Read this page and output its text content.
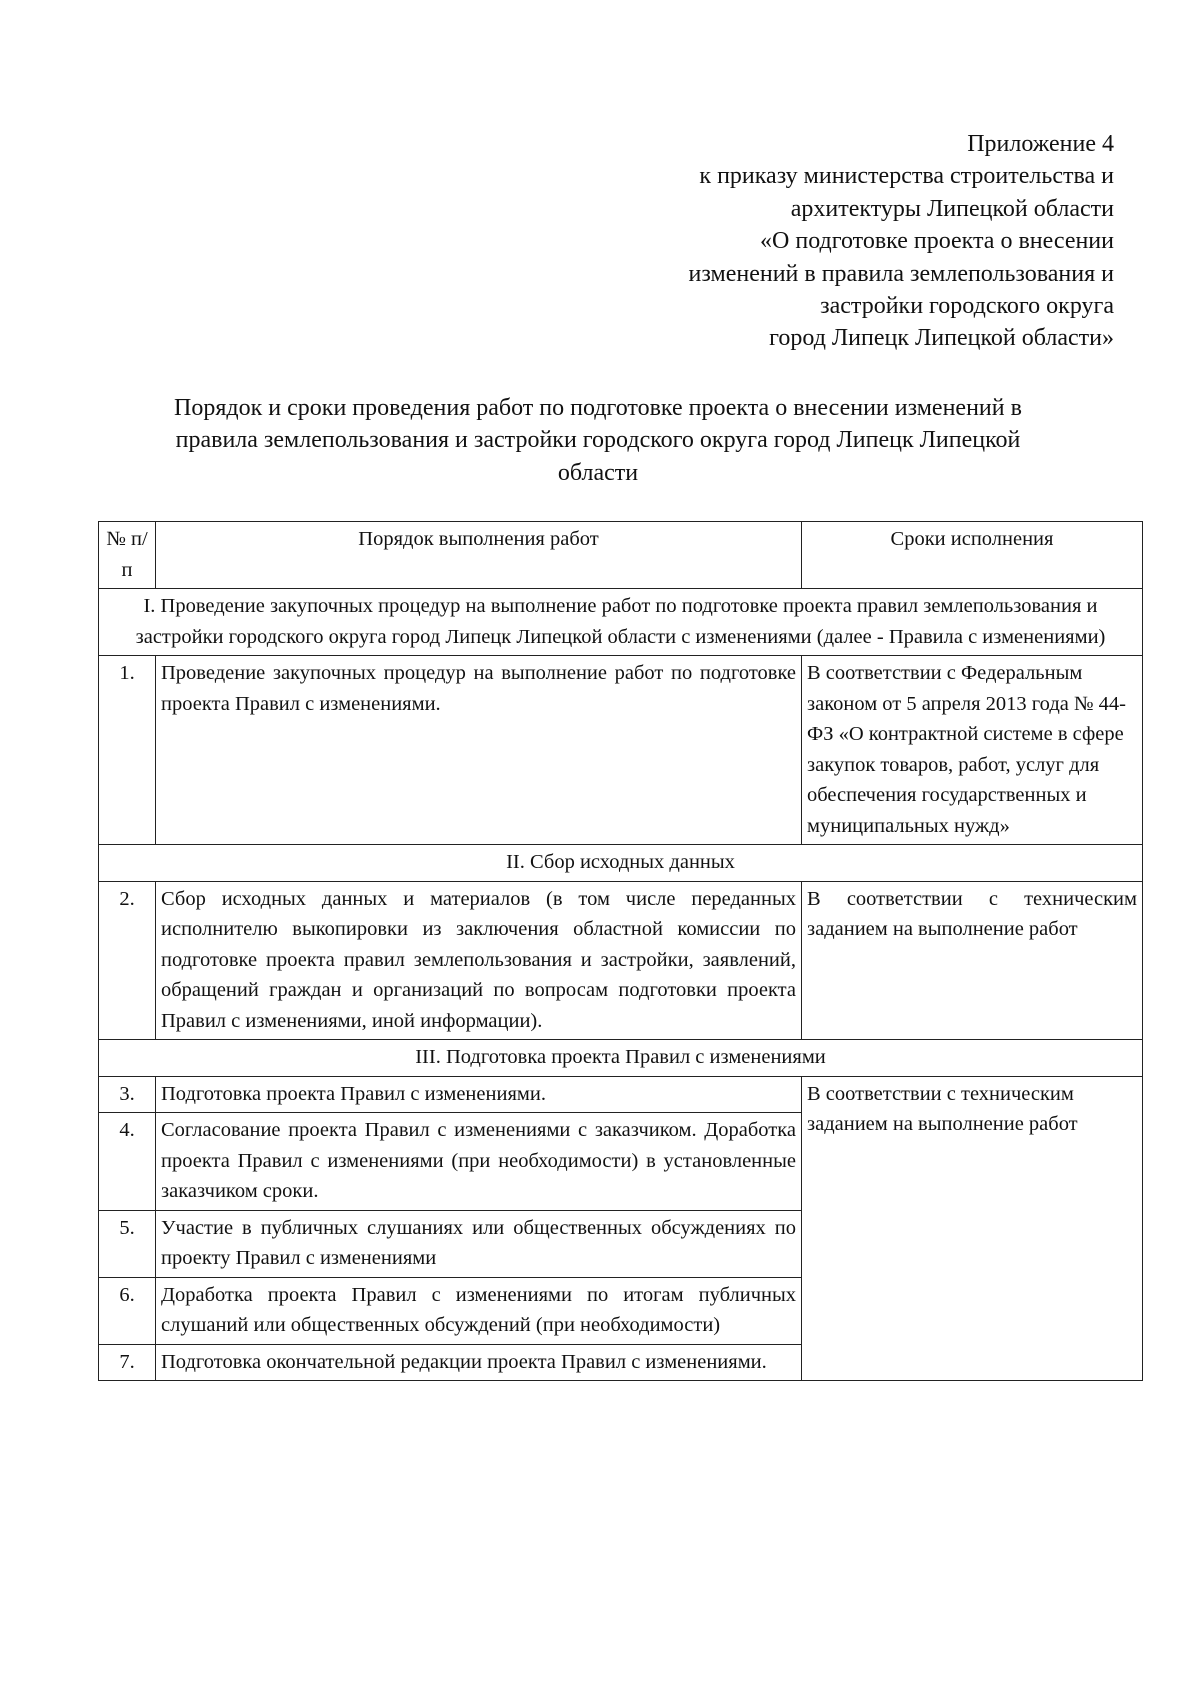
Приложение 4
к приказу министерства строительства и
архитектуры Липецкой области
«О подготовке проекта о внесении
изменений в правила землепользования и
застройки городского округа
город Липецк Липецкой области»
Порядок и сроки проведения работ по подготовке проекта о внесении изменений в
правила землепользования и застройки городского округа город Липецк Липецкой
области
№ п/п	Порядок выполнения работ	Сроки исполнения
I. Проведение закупочных процедур на выполнение работ по подготовке проекта правил землепользования и застройки городского округа город Липецк Липецкой области с изменениями (далее - Правила с изменениями)		
1.	Проведение закупочных процедур на выполнение работ по подготовке проекта Правил с изменениями.	В соответствии с Федеральным законом от 5 апреля 2013 года № 44-ФЗ «О контрактной системе в сфере закупок товаров, работ, услуг для обеспечения государственных и муниципальных нужд»
II. Сбор исходных данных		
2.	Сбор исходных данных и материалов (в том числе переданных исполнителю выкопировки из заключения областной комиссии по подготовке проекта правил землепользования и застройки, заявлений, обращений граждан и организаций по вопросам подготовки проекта Правил с изменениями, иной информации).	В соответствии с техническим заданием на выполнение работ
III. Подготовка проекта Правил с изменениями		
3.	Подготовка проекта Правил с изменениями.	В соответствии с техническим заданием на выполнение работ
4.	Согласование проекта Правил с изменениями с заказчиком. Доработка проекта Правил с изменениями (при необходимости) в установленные заказчиком сроки.	
5.	Участие в публичных слушаниях или общественных обсуждениях по проекту Правил с изменениями	
6.	Доработка проекта Правил с изменениями по итогам публичных слушаний или общественных обсуждений (при необходимости)	
7.	Подготовка окончательной редакции проекта Правил с изменениями.	
